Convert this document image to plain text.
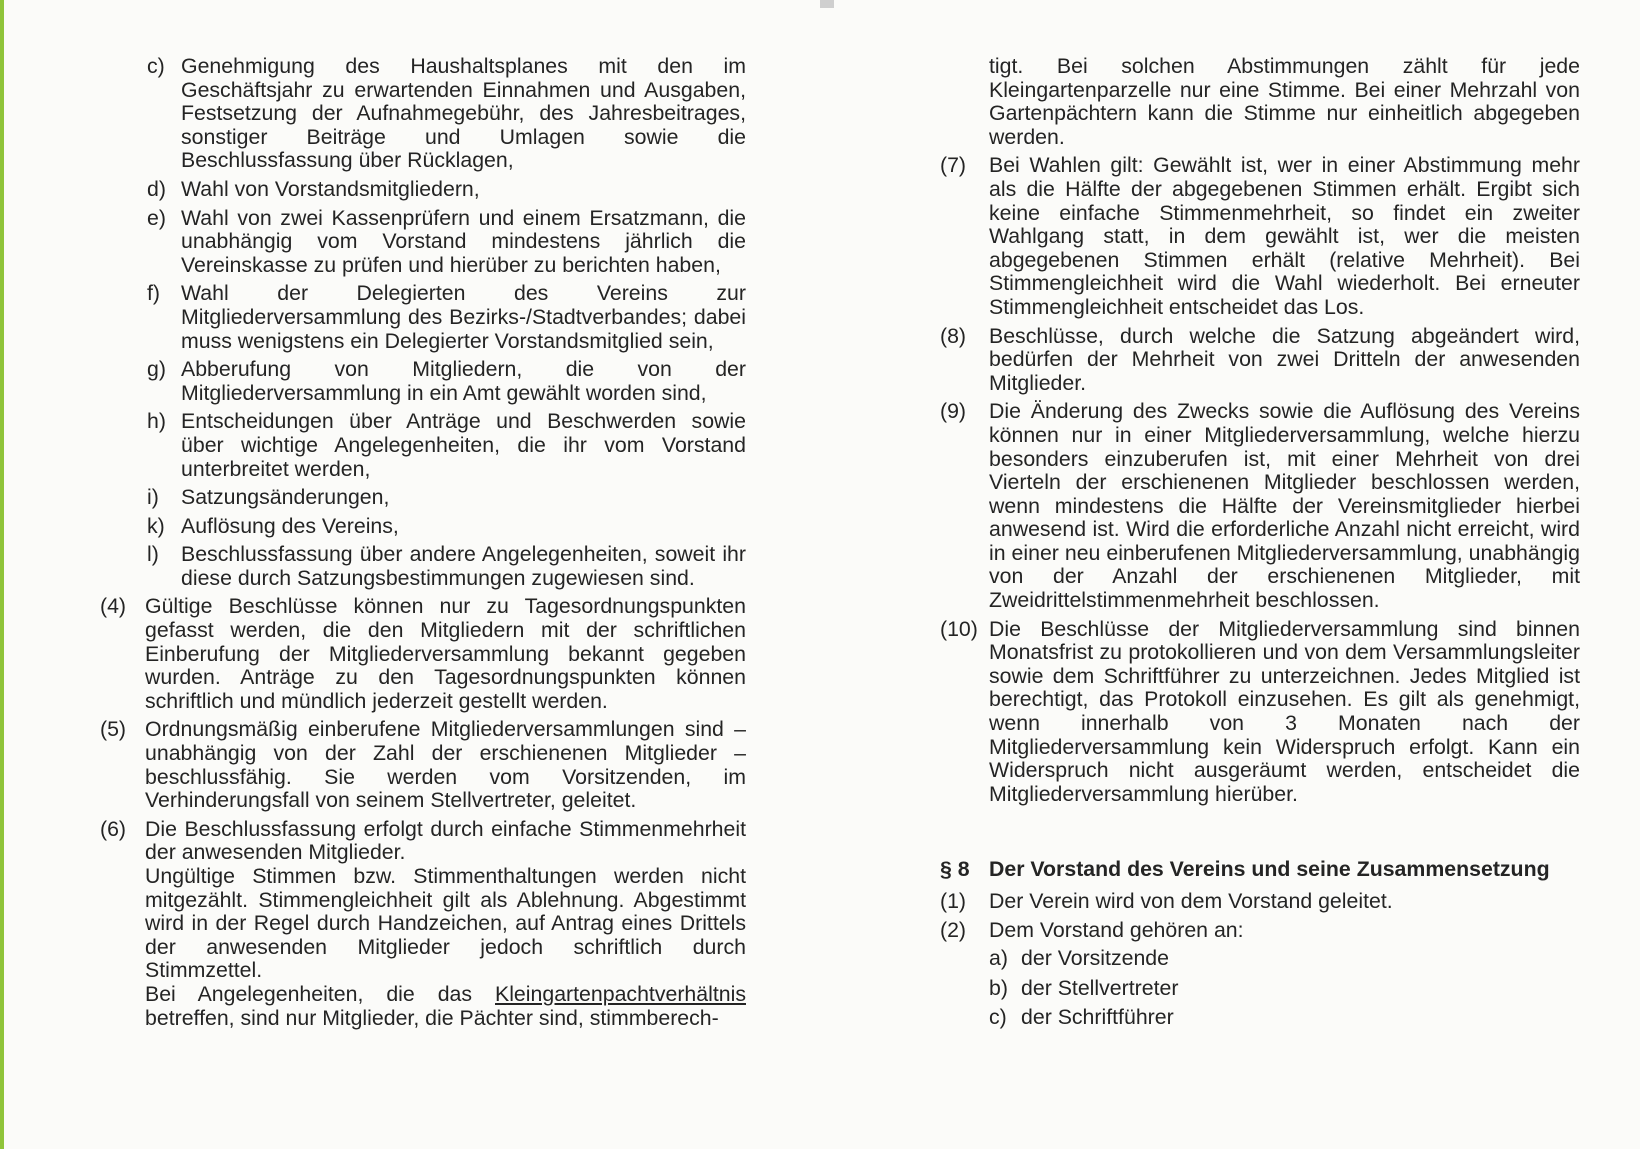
c) Genehmigung des Haushaltsplanes mit den im Geschäftsjahr zu erwartenden Einnahmen und Ausgaben, Festsetzung der Aufnahmegebühr, des Jahresbeitrages, sonstiger Beiträge und Umlagen sowie die Beschlussfassung über Rücklagen,
d) Wahl von Vorstandsmitgliedern,
e) Wahl von zwei Kassenprüfern und einem Ersatzmann, die unabhängig vom Vorstand mindestens jährlich die Vereinskasse zu prüfen und hierüber zu berichten haben,
f) Wahl der Delegierten des Vereins zur Mitgliederversammlung des Bezirks-/Stadtverbandes; dabei muss wenigstens ein Delegierter Vorstandsmitglied sein,
g) Abberufung von Mitgliedern, die von der Mitgliederversammlung in ein Amt gewählt worden sind,
h) Entscheidungen über Anträge und Beschwerden sowie über wichtige Angelegenheiten, die ihr vom Vorstand unterbreitet werden,
i)	Satzungsänderungen,
k) Auflösung des Vereins,
l)	Beschlussfassung über andere Angelegenheiten, soweit ihr diese durch Satzungsbestimmungen zugewiesen sind.
(4) Gültige Beschlüsse können nur zu Tagesordnungspunkten gefasst werden, die den Mitgliedern mit der schriftlichen Einberufung der Mitgliederversammlung bekannt gegeben wurden. Anträge zu den Tagesordnungspunkten können schriftlich und mündlich jederzeit gestellt werden.
(5) Ordnungsmäßig einberufene Mitgliederversammlungen sind – unabhängig von der Zahl der erschienenen Mitglieder – beschlussfähig. Sie werden vom Vorsitzenden, im Verhinderungsfall von seinem Stellvertreter, geleitet.
(6) Die Beschlussfassung erfolgt durch einfache Stimmenmehrheit der anwesenden Mitglieder.
Ungültige Stimmen bzw. Stimmenthaltungen werden nicht mitgezählt. Stimmengleichheit gilt als Ablehnung. Abgestimmt wird in der Regel durch Handzeichen, auf Antrag eines Drittels der anwesenden Mitglieder jedoch schriftlich durch Stimmzettel.
Bei Angelegenheiten, die das Kleingartenpachtverhältnis betreffen, sind nur Mitglieder, die Pächter sind, stimmberech-
tigt. Bei solchen Abstimmungen zählt für jede Kleingartenparzelle nur eine Stimme. Bei einer Mehrzahl von Gartenpächtern kann die Stimme nur einheitlich abgegeben werden.
(7)	Bei Wahlen gilt: Gewählt ist, wer in einer Abstimmung mehr als die Hälfte der abgegebenen Stimmen erhält. Ergibt sich keine einfache Stimmenmehrheit, so findet ein zweiter Wahlgang statt, in dem gewählt ist, wer die meisten abgegebenen Stimmen erhält (relative Mehrheit). Bei Stimmengleichheit wird die Wahl wiederholt. Bei erneuter Stimmengleichheit entscheidet das Los.
(8)	Beschlüsse, durch welche die Satzung abgeändert wird, bedürfen der Mehrheit von zwei Dritteln der anwesenden Mitglieder.
(9)	Die Änderung des Zwecks sowie die Auflösung des Vereins können nur in einer Mitgliederversammlung, welche hierzu besonders einzuberufen ist, mit einer Mehrheit von drei Vierteln der erschienenen Mitglieder beschlossen werden, wenn mindestens die Hälfte der Vereinsmitglieder hierbei anwesend ist. Wird die erforderliche Anzahl nicht erreicht, wird in einer neu einberufenen Mitgliederversammlung, unabhängig von der Anzahl der erschienenen Mitglieder, mit Zweidrittelstimmenmehrheit beschlossen.
(10) Die Beschlüsse der Mitgliederversammlung sind binnen Monatsfrist zu protokollieren und von dem Versammlungsleiter sowie dem Schriftführer zu unterzeichnen. Jedes Mitglied ist berechtigt, das Protokoll einzusehen. Es gilt als genehmigt, wenn innerhalb von 3 Monaten nach der Mitgliederversammlung kein Widerspruch erfolgt. Kann ein Widerspruch nicht ausgeräumt werden, entscheidet die Mitgliederversammlung hierüber.
§ 8 Der Vorstand des Vereins und seine Zusammensetzung
(1)	Der Verein wird von dem Vorstand geleitet.
(2)	Dem Vorstand gehören an:
a) der Vorsitzende
b) der Stellvertreter
c) der Schriftführer
